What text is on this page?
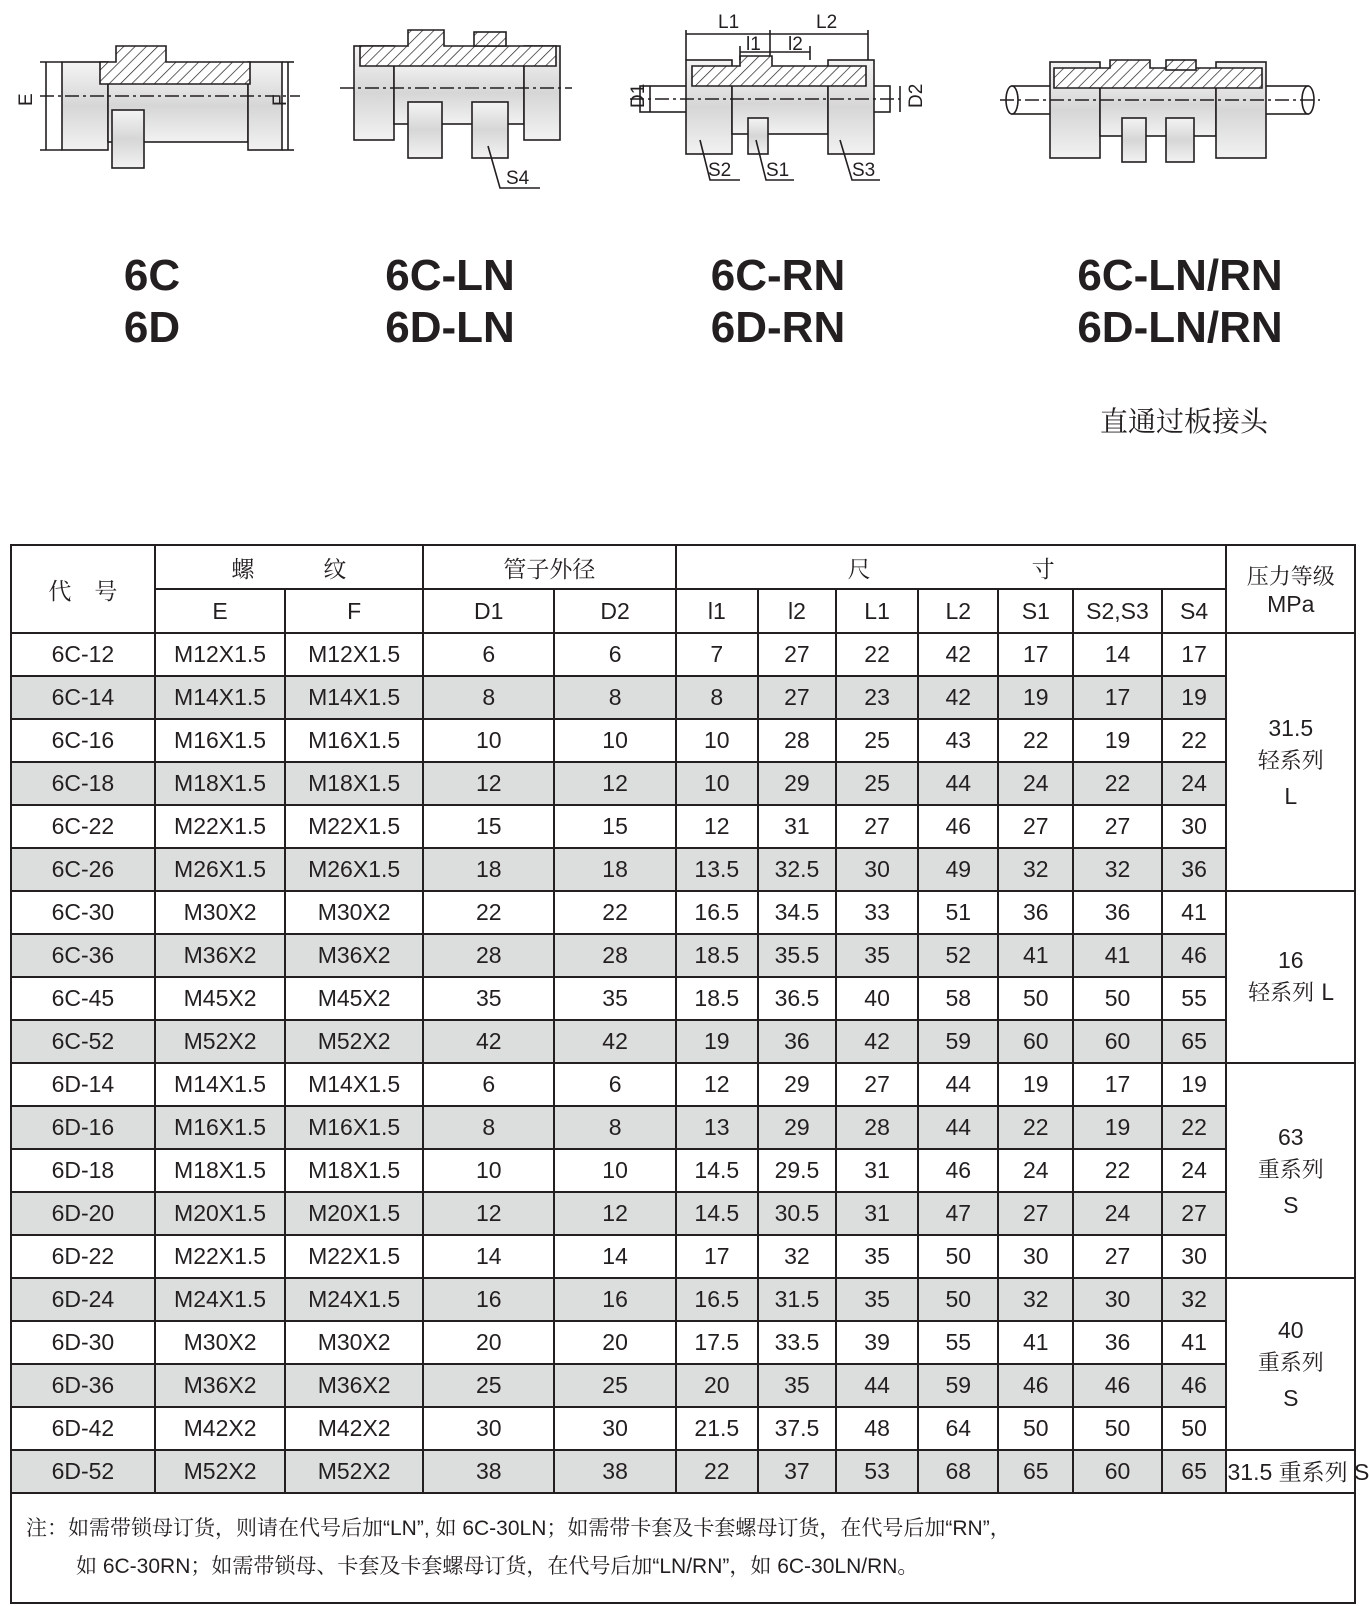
E	F
S4
L1	L2
l1 l2
D1	D2
S2 S1	S3
6C
6D
6C-LN
6D-LN
6C-RN
6D-RN
6C-LN/RN
6D-LN/RN
直通过板接头
代　号	螺　　　纹		管子外径		尺　　　　　　　寸							压力等级
MPa

	E	F	D1	D2	l1	l2	L1	L2	S1	S2,S3	S4	
6C-12	M12X1.5	M12X1.5	6	6	7	27	22	42	17	14	17	31.5
轻系列
L

6C-14	M14X1.5	M14X1.5	8	8	8	27	23	42	19	17	19	
6C-16	M16X1.5	M16X1.5	10	10	10	28	25	43	22	19	22	
6C-18	M18X1.5	M18X1.5	12	12	10	29	25	44	24	22	24	
6C-22	M22X1.5	M22X1.5	15	15	12	31	27	46	27	27	30	
6C-26	M26X1.5	M26X1.5	18	18	13.5	32.5	30	49	32	32	36	
6C-30	M30X2	M30X2	22	22	16.5	34.5	33	51	36	36	41	16
轻系列 L

6C-36	M36X2	M36X2	28	28	18.5	35.5	35	52	41	41	46	
6C-45	M45X2	M45X2	35	35	18.5	36.5	40	58	50	50	55	
6C-52	M52X2	M52X2	42	42	19	36	42	59	60	60	65	
6D-14	M14X1.5	M14X1.5	6	6	12	29	27	44	19	17	19	63
重系列
S

6D-16	M16X1.5	M16X1.5	8	8	13	29	28	44	22	19	22	
6D-18	M18X1.5	M18X1.5	10	10	14.5	29.5	31	46	24	22	24	
6D-20	M20X1.5	M20X1.5	12	12	14.5	30.5	31	47	27	24	27	
6D-22	M22X1.5	M22X1.5	14	14	17	32	35	50	30	27	30	
6D-24	M24X1.5	M24X1.5	16	16	16.5	31.5	35	50	32	30	32	40
重系列
S

6D-30	M30X2	M30X2	20	20	17.5	33.5	39	55	41	36	41	
6D-36	M36X2	M36X2	25	25	20	35	44	59	46	46	46	
6D-42	M42X2	M42X2	30	30	21.5	37.5	48	64	50	50	50	
6D-52	M52X2	M52X2	38	38	22	37	53	68	65	60	65	31.5 重系列 S

注：如需带锁母订货，则请在代号后加“LN”, 如 6C-30LN；如需带卡套及卡套螺母订货，在代号后加“RN”，
如 6C-30RN；如需带锁母、卡套及卡套螺母订货，在代号后加“LN/RN”，如 6C-30LN/RN。												
